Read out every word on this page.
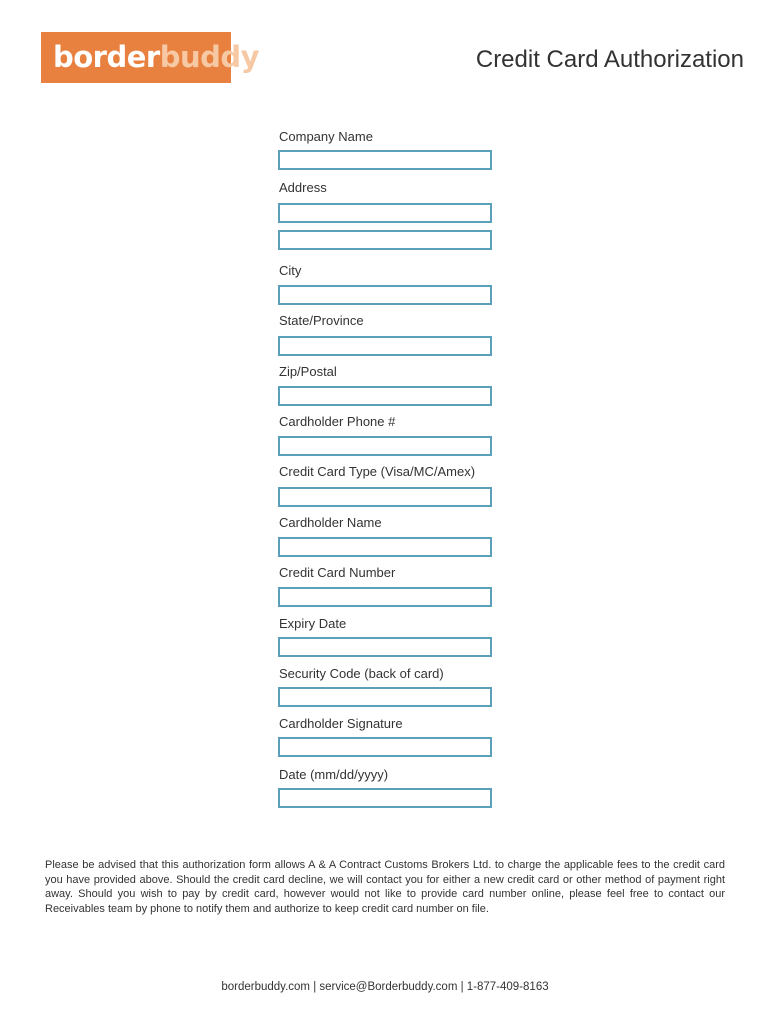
borderbuddy	Credit Card Authorization
Company Name
Address
City
State/Province
Zip/Postal
Cardholder Phone #
Credit Card Type (Visa/MC/Amex)
Cardholder Name
Credit Card Number
Expiry Date
Security Code (back of card)
Cardholder Signature
Date (mm/dd/yyyy)
Please be advised that this authorization form allows A & A Contract Customs Brokers Ltd. to charge the applicable fees to the credit card you have provided above. Should the credit card decline, we will contact you for either a new credit card or other method of payment right away. Should you wish to pay by credit card, however would not like to provide card number online, please feel free to contact our Receivables team by phone to notify them and authorize to keep credit card number on file.
borderbuddy.com | service@Borderbuddy.com | 1-877-409-8163
